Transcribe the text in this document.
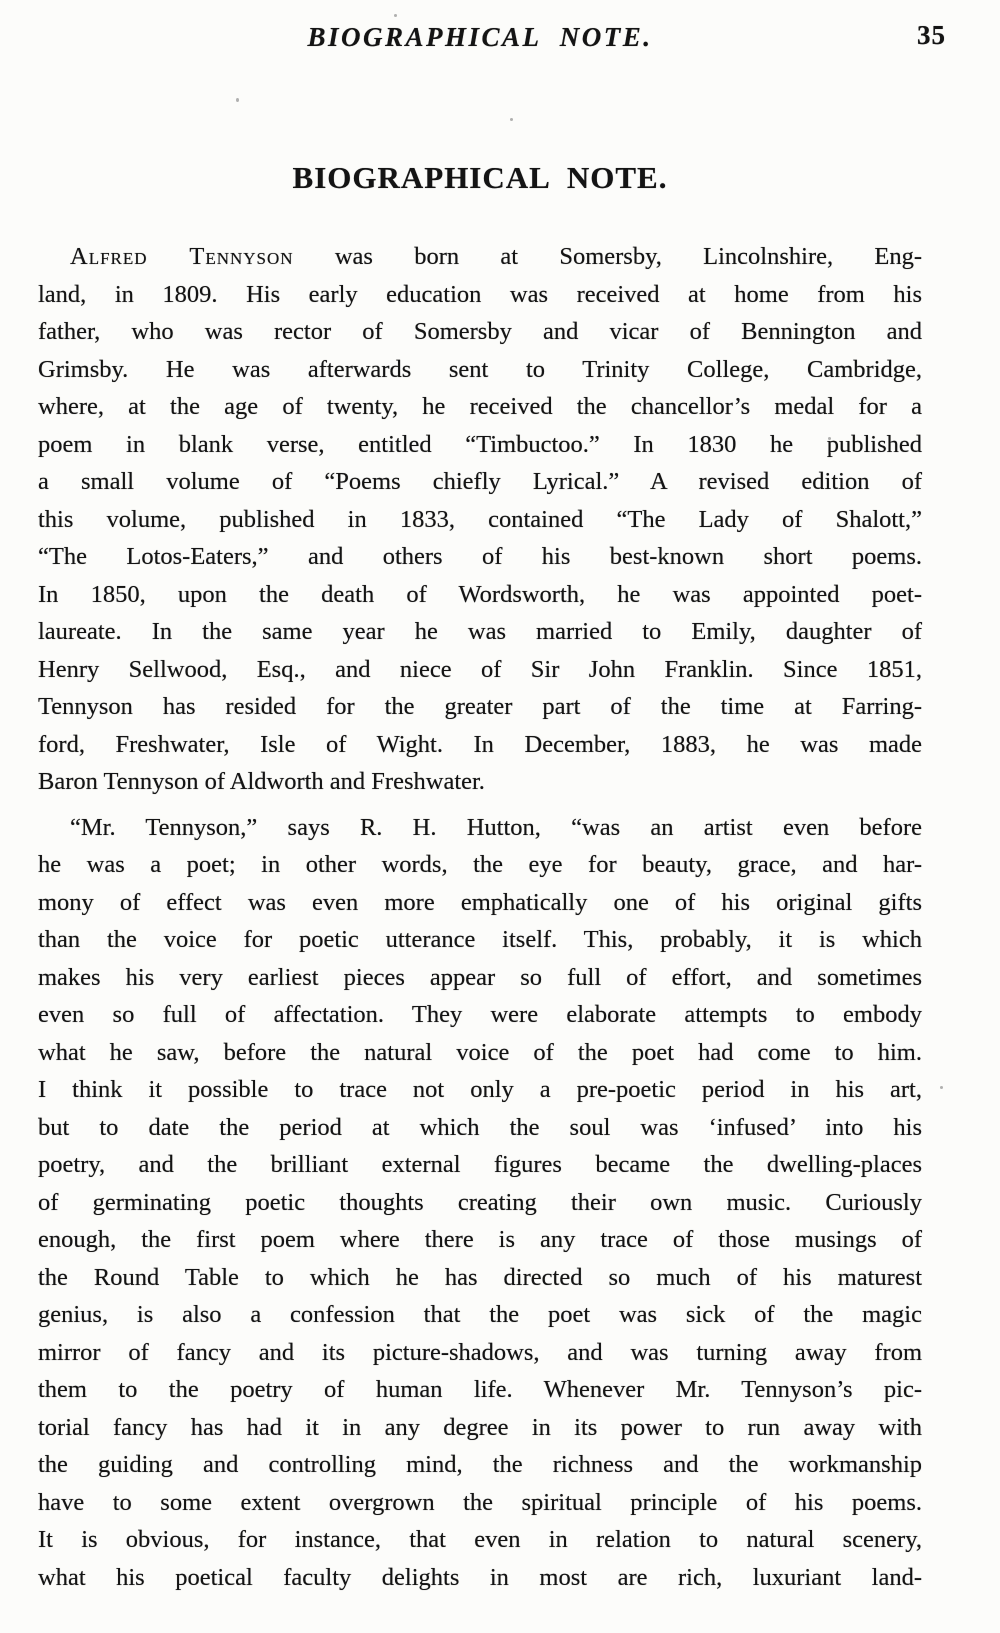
BIOGRAPHICAL NOTE.	35
BIOGRAPHICAL NOTE.
Alfred Tennyson was born at Somersby, Lincolnshire, Eng-
land, in 1809. His early education was received at home from his
father, who was rector of Somersby and vicar of Bennington and
Grimsby. He was afterwards sent to Trinity College, Cambridge,
where, at the age of twenty, he received the chancellor’s medal for a
poem in blank verse, entitled “Timbuctoo.” In 1830 he published
a small volume of “Poems chiefly Lyrical.” A revised edition of
this volume, published in 1833, contained “The Lady of Shalott,”
“The Lotos-Eaters,” and others of his best-known short poems.
In 1850, upon the death of Wordsworth, he was appointed poet-
laureate. In the same year he was married to Emily, daughter of
Henry Sellwood, Esq., and niece of Sir John Franklin. Since 1851,
Tennyson has resided for the greater part of the time at Farring-
ford, Freshwater, Isle of Wight. In December, 1883, he was made
Baron Tennyson of Aldworth and Freshwater.
“Mr. Tennyson,” says R. H. Hutton, “was an artist even before
he was a poet; in other words, the eye for beauty, grace, and har-
mony of effect was even more emphatically one of his original gifts
than the voice for poetic utterance itself. This, probably, it is which
makes his very earliest pieces appear so full of effort, and sometimes
even so full of affectation. They were elaborate attempts to embody
what he saw, before the natural voice of the poet had come to him.
I think it possible to trace not only a pre-poetic period in his art,
but to date the period at which the soul was ‘infused’ into his
poetry, and the brilliant external figures became the dwelling-places
of germinating poetic thoughts creating their own music. Curiously
enough, the first poem where there is any trace of those musings of
the Round Table to which he has directed so much of his maturest
genius, is also a confession that the poet was sick of the magic
mirror of fancy and its picture-shadows, and was turning away from
them to the poetry of human life. Whenever Mr. Tennyson’s pic-
torial fancy has had it in any degree in its power to run away with
the guiding and controlling mind, the richness and the workmanship
have to some extent overgrown the spiritual principle of his poems.
It is obvious, for instance, that even in relation to natural scenery,
what his poetical faculty delights in most are rich, luxuriant land-
